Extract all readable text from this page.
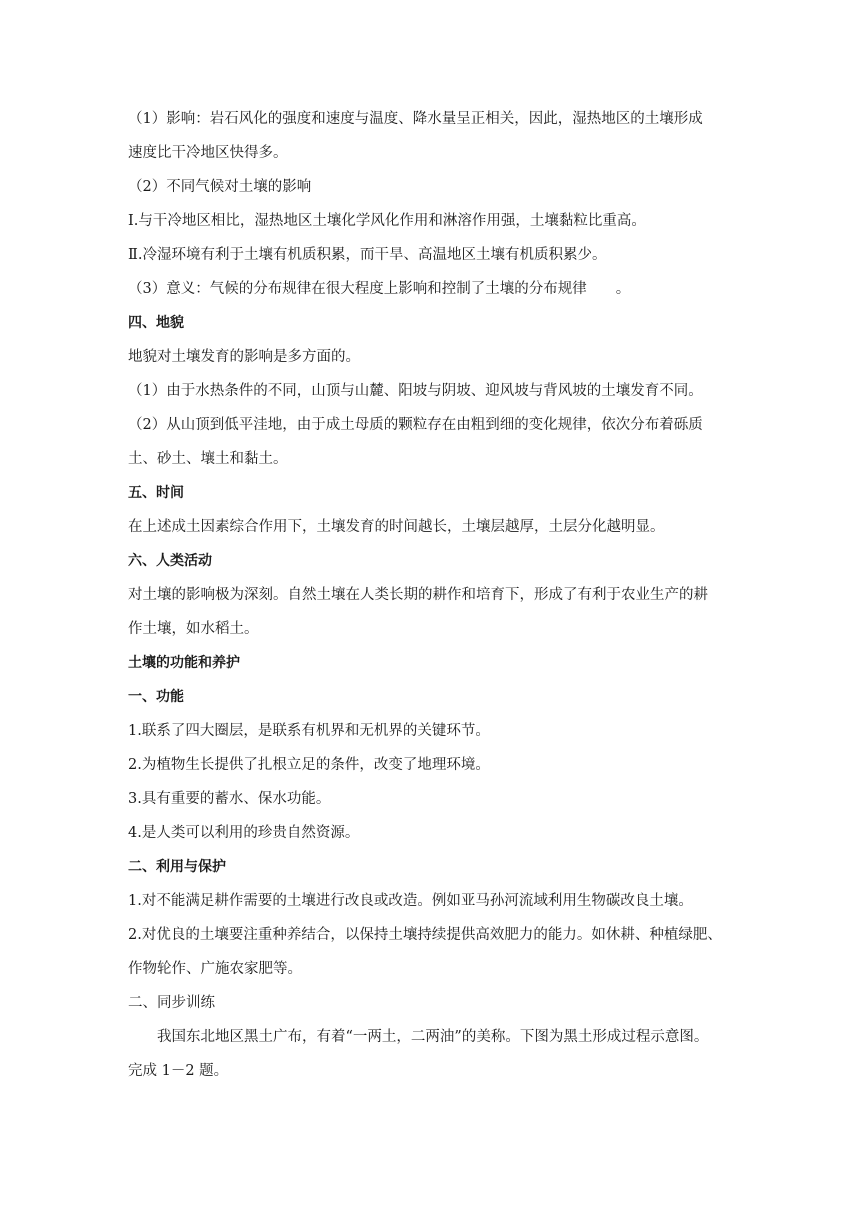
（1）影响：岩石风化的强度和速度与温度、降水量呈正相关，因此，湿热地区的土壤形成
速度比干冷地区快得多。
（2）不同气候对土壤的影响
Ⅰ.与干冷地区相比，湿热地区土壤化学风化作用和淋溶作用强，土壤黏粒比重高。
Ⅱ.冷湿环境有利于土壤有机质积累，而干旱、高温地区土壤有机质积累少。
（3）意义：气候的分布规律在很大程度上影响和控制了土壤的分布规律　　。
四、地貌
地貌对土壤发育的影响是多方面的。
（1）由于水热条件的不同，山顶与山麓、阳坡与阴坡、迎风坡与背风坡的土壤发育不同。
（2）从山顶到低平洼地，由于成土母质的颗粒存在由粗到细的变化规律，依次分布着砾质
土、砂土、壤土和黏土。
五、时间
在上述成土因素综合作用下，土壤发育的时间越长，土壤层越厚，土层分化越明显。
六、人类活动
对土壤的影响极为深刻。自然土壤在人类长期的耕作和培育下，形成了有利于农业生产的耕
作土壤，如水稻土。
土壤的功能和养护
一、功能
1.联系了四大圈层，是联系有机界和无机界的关键环节。
2.为植物生长提供了扎根立足的条件，改变了地理环境。
3.具有重要的蓄水、保水功能。
4.是人类可以利用的珍贵自然资源。
二、利用与保护
1.对不能满足耕作需要的土壤进行改良或改造。例如亚马孙河流域利用生物碳改良土壤。
2.对优良的土壤要注重种养结合，以保持土壤持续提供高效肥力的能力。如休耕、种植绿肥、
作物轮作、广施农家肥等。
二、同步训练
我国东北地区黑土广布，有着“一两土，二两油”的美称。下图为黑土形成过程示意图。
完成 1－2 题。
